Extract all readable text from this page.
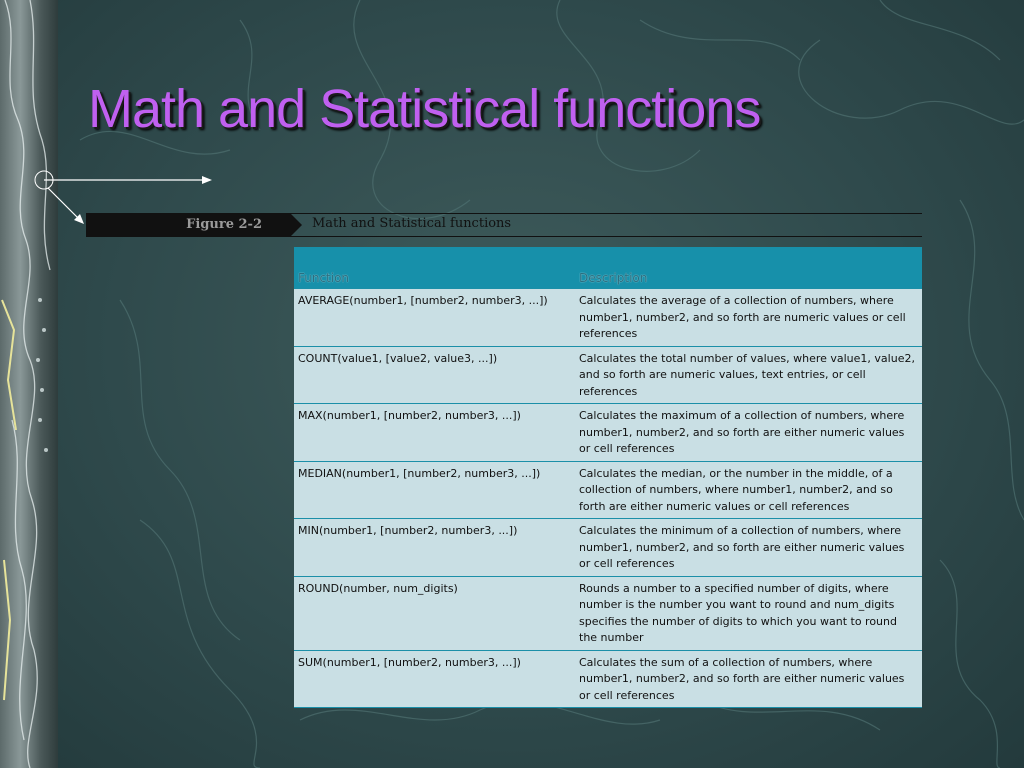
Math and Statistical functions
Figure 2-2	Math and Statistical functions
Function	Description
AVERAGE(number1, [number2, number3, ...])	Calculates the average of a collection of numbers, where number1, number2, and so forth are numeric values or cell references
COUNT(value1, [value2, value3, ...])	Calculates the total number of values, where value1, value2, and so forth are numeric values, text entries, or cell references
MAX(number1, [number2, number3, ...])	Calculates the maximum of a collection of numbers, where number1, number2, and so forth are either numeric values or cell references
MEDIAN(number1, [number2, number3, ...])	Calculates the median, or the number in the middle, of a collection of numbers, where number1, number2, and so forth are either numeric values or cell references
MIN(number1, [number2, number3, ...])	Calculates the minimum of a collection of numbers, where number1, number2, and so forth are either numeric values or cell references
ROUND(number, num_digits)	Rounds a number to a specified number of digits, where number is the number you want to round and num_digits specifies the number of digits to which you want to round the number
SUM(number1, [number2, number3, ...])	Calculates the sum of a collection of numbers, where number1, number2, and so forth are either numeric values or cell references
